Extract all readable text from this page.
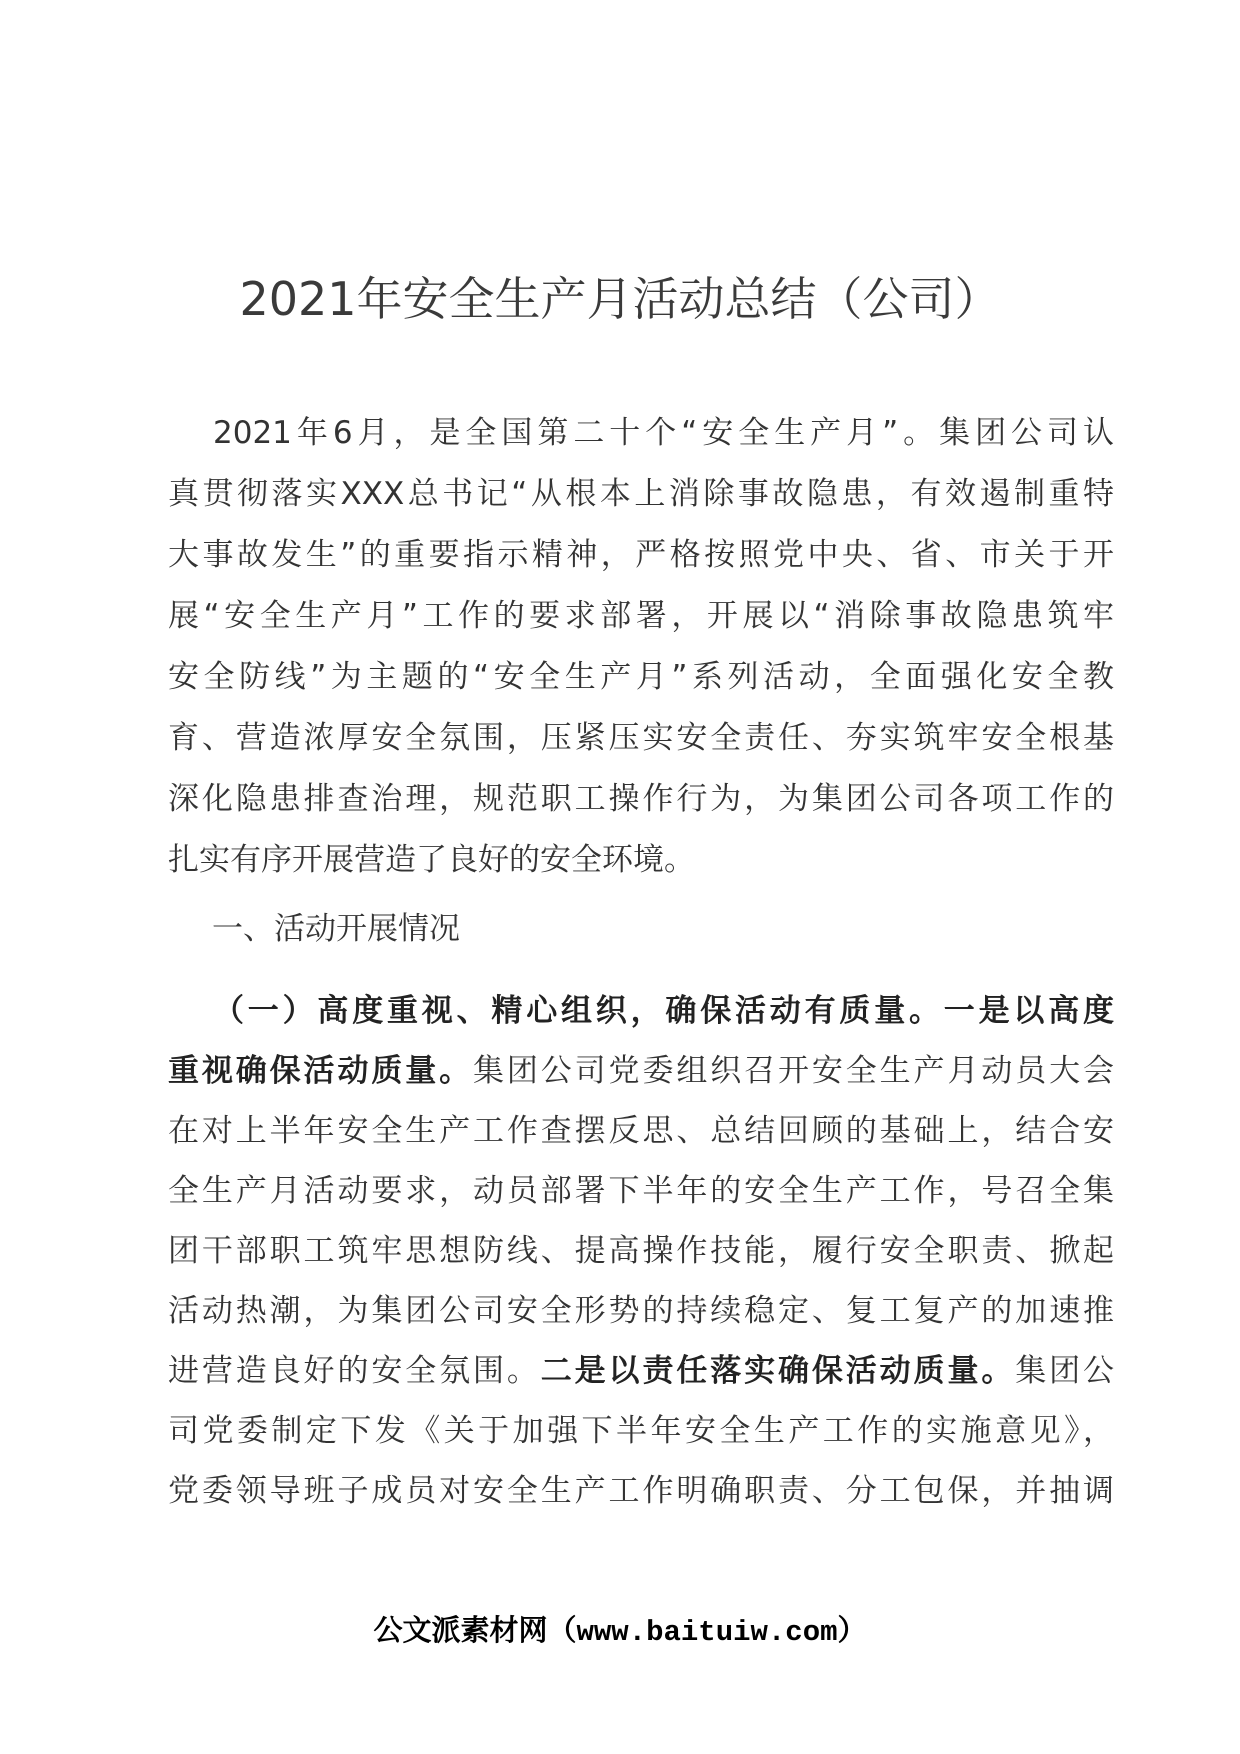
2021年安全生产月活动总结（公司）
2021年6月，是全国第二十个“安全生产月”。集团公司认
真贯彻落实XXX总书记“从根本上消除事故隐患，有效遏制重特
大事故发生”的重要指示精神，严格按照党中央、省、市关于开
展“安全生产月”工作的要求部署，开展以“消除事故隐患筑牢
安全防线”为主题的“安全生产月”系列活动，全面强化安全教
育、营造浓厚安全氛围，压紧压实安全责任、夯实筑牢安全根基
深化隐患排查治理，规范职工操作行为，为集团公司各项工作的
扎实有序开展营造了良好的安全环境。
一、活动开展情况
（一）高度重视、精心组织，确保活动有质量。一是以高度
重视确保活动质量。集团公司党委组织召开安全生产月动员大会
在对上半年安全生产工作查摆反思、总结回顾的基础上，结合安
全生产月活动要求，动员部署下半年的安全生产工作，号召全集
团干部职工筑牢思想防线、提高操作技能，履行安全职责、掀起
活动热潮，为集团公司安全形势的持续稳定、复工复产的加速推
进营造良好的安全氛围。二是以责任落实确保活动质量。集团公
司党委制定下发《关于加强下半年安全生产工作的实施意见》，
党委领导班子成员对安全生产工作明确职责、分工包保，并抽调
公文派素材网（www.baituiw.com）
